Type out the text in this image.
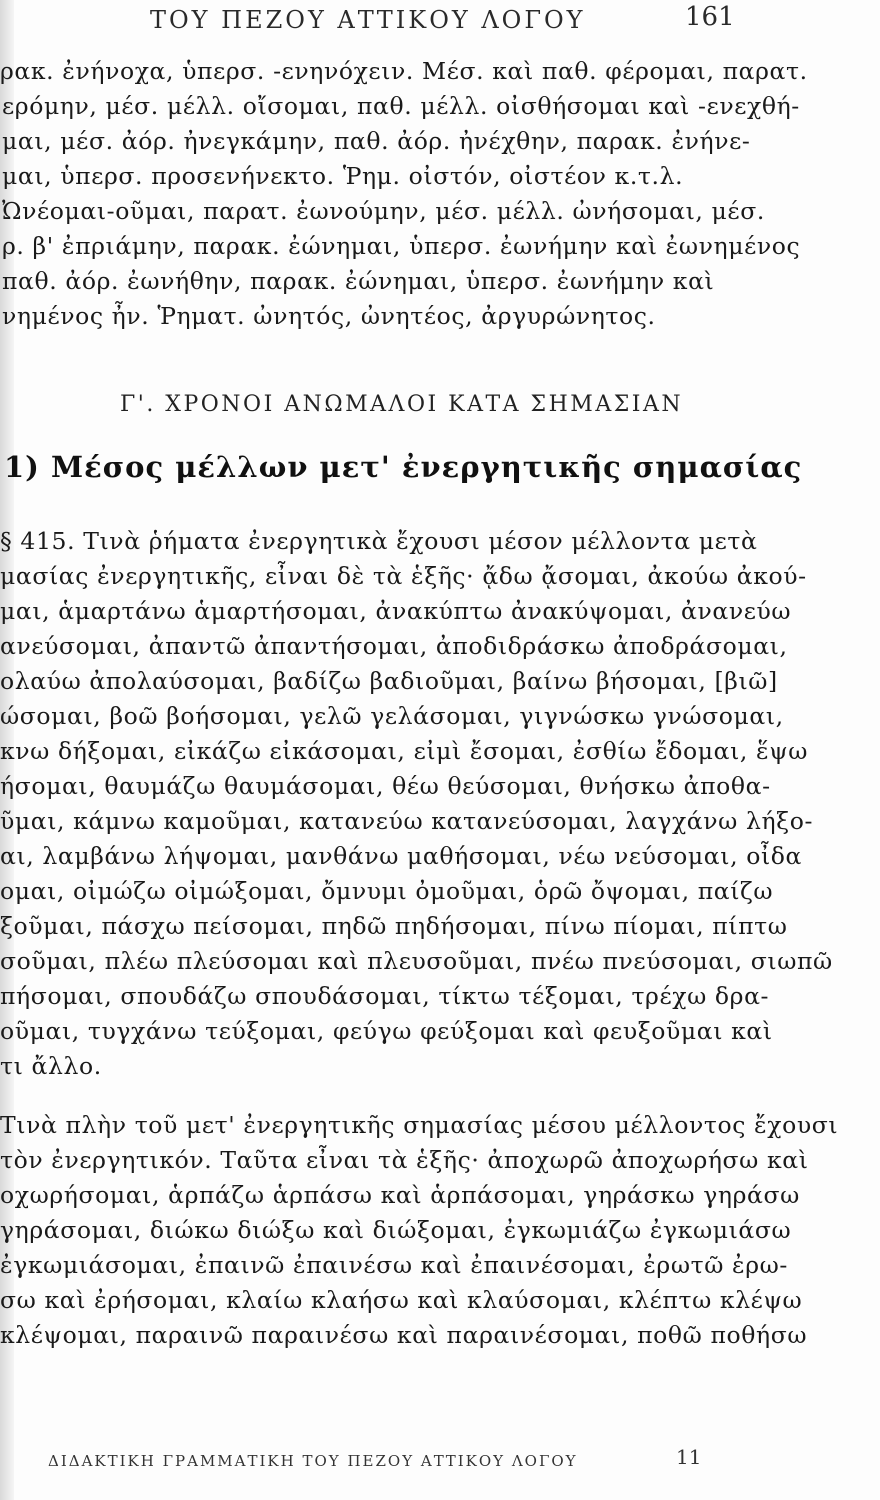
ΤΟΥ ΠΕΖΟΥ ΑΤΤΙΚΟΥ ΛΟΓΟΥ	161
ρακ. ἐνήνοχα, ὑπερσ. -ενηνόχειν. Μέσ. καὶ παθ. φέρομαι, παρατ.
ερόμην, μέσ. μέλλ. οἴσομαι, παθ. μέλλ. οἰσθήσομαι καὶ -ενεχθή-
μαι, μέσ. ἀόρ. ἠνεγκάμην, παθ. ἀόρ. ἠνέχθην, παρακ. ἐνήνε-
μαι, ὑπερσ. προσενήνεκτο. Ῥημ. οἰστόν, οἰστέον κ.τ.λ.
Ὠνέομαι-οῦμαι, παρατ. ἐωνούμην, μέσ. μέλλ. ὠνήσομαι, μέσ.
ρ. β' ἐπριάμην, παρακ. ἐώνημαι, ὑπερσ. ἐωνήμην καὶ ἐωνημένος
παθ. ἀόρ. ἐωνήθην, παρακ. ἐώνημαι, ὑπερσ. ἐωνήμην καὶ
νημένος ἦν. Ῥηματ. ὠνητός, ὠνητέος, ἀργυρώνητος.
Γ'. ΧΡΟΝΟΙ ΑΝΩΜΑΛΟΙ ΚΑΤΑ ΣΗΜΑΣΙΑΝ
1) Μέσος μέλλων μετ' ἐνεργητικῆς σημασίας
§ 415. Τινὰ ῥήματα ἐνεργητικὰ ἔχουσι μέσον μέλλοντα μετὰ
μασίας ἐνεργητικῆς, εἶναι δὲ τὰ ἑξῆς· ᾄδω ᾄσομαι, ἀκούω ἀκού-
μαι, ἁμαρτάνω ἁμαρτήσομαι, ἀνακύπτω ἀνακύψομαι, ἀνανεύω
ανεύσομαι, ἀπαντῶ ἀπαντήσομαι, ἀποδιδράσκω ἀποδράσομαι,
ολαύω ἀπολαύσομαι, βαδίζω βαδιοῦμαι, βαίνω βήσομαι, [βιῶ]
ώσομαι, βοῶ βοήσομαι, γελῶ γελάσομαι, γιγνώσκω γνώσομαι,
κνω δήξομαι, εἰκάζω εἰκάσομαι, εἰμὶ ἔσομαι, ἐσθίω ἔδομαι, ἕψω
ήσομαι, θαυμάζω θαυμάσομαι, θέω θεύσομαι, θνήσκω ἀποθα-
ῦμαι, κάμνω καμοῦμαι, κατανεύω κατανεύσομαι, λαγχάνω λήξο-
αι, λαμβάνω λήψομαι, μανθάνω μαθήσομαι, νέω νεύσομαι, οἶδα
ομαι, οἰμώζω οἰμώξομαι, ὄμνυμι ὀμοῦμαι, ὁρῶ ὄψομαι, παίζω
ξοῦμαι, πάσχω πείσομαι, πηδῶ πηδήσομαι, πίνω πίομαι, πίπτω
σοῦμαι, πλέω πλεύσομαι καὶ πλευσοῦμαι, πνέω πνεύσομαι, σιωπῶ
πήσομαι, σπουδάζω σπουδάσομαι, τίκτω τέξομαι, τρέχω δρα-
οῦμαι, τυγχάνω τεύξομαι, φεύγω φεύξομαι καὶ φευξοῦμαι καὶ
τι ἄλλο.
Τινὰ πλὴν τοῦ μετ' ἐνεργητικῆς σημασίας μέσου μέλλοντος ἔχουσι
τὸν ἐνεργητικόν. Ταῦτα εἶναι τὰ ἑξῆς· ἀποχωρῶ ἀποχωρήσω καὶ
οχωρήσομαι, ἁρπάζω ἁρπάσω καὶ ἁρπάσομαι, γηράσκω γηράσω
γηράσομαι, διώκω διώξω καὶ διώξομαι, ἐγκωμιάζω ἐγκωμιάσω
ἐγκωμιάσομαι, ἐπαινῶ ἐπαινέσω καὶ ἐπαινέσομαι, ἐρωτῶ ἐρω-
σω καὶ ἐρήσομαι, κλαίω κλαήσω καὶ κλαύσομαι, κλέπτω κλέψω
κλέψομαι, παραινῶ παραινέσω καὶ παραινέσομαι, ποθῶ ποθήσω
ΔΙΔΑΚΤΙΚΗ ΓΡΑΜΜΑΤΙΚΗ ΤΟΥ ΠΕΖΟΥ ΑΤΤΙΚΟΥ ΛΟΓΟΥ	11
